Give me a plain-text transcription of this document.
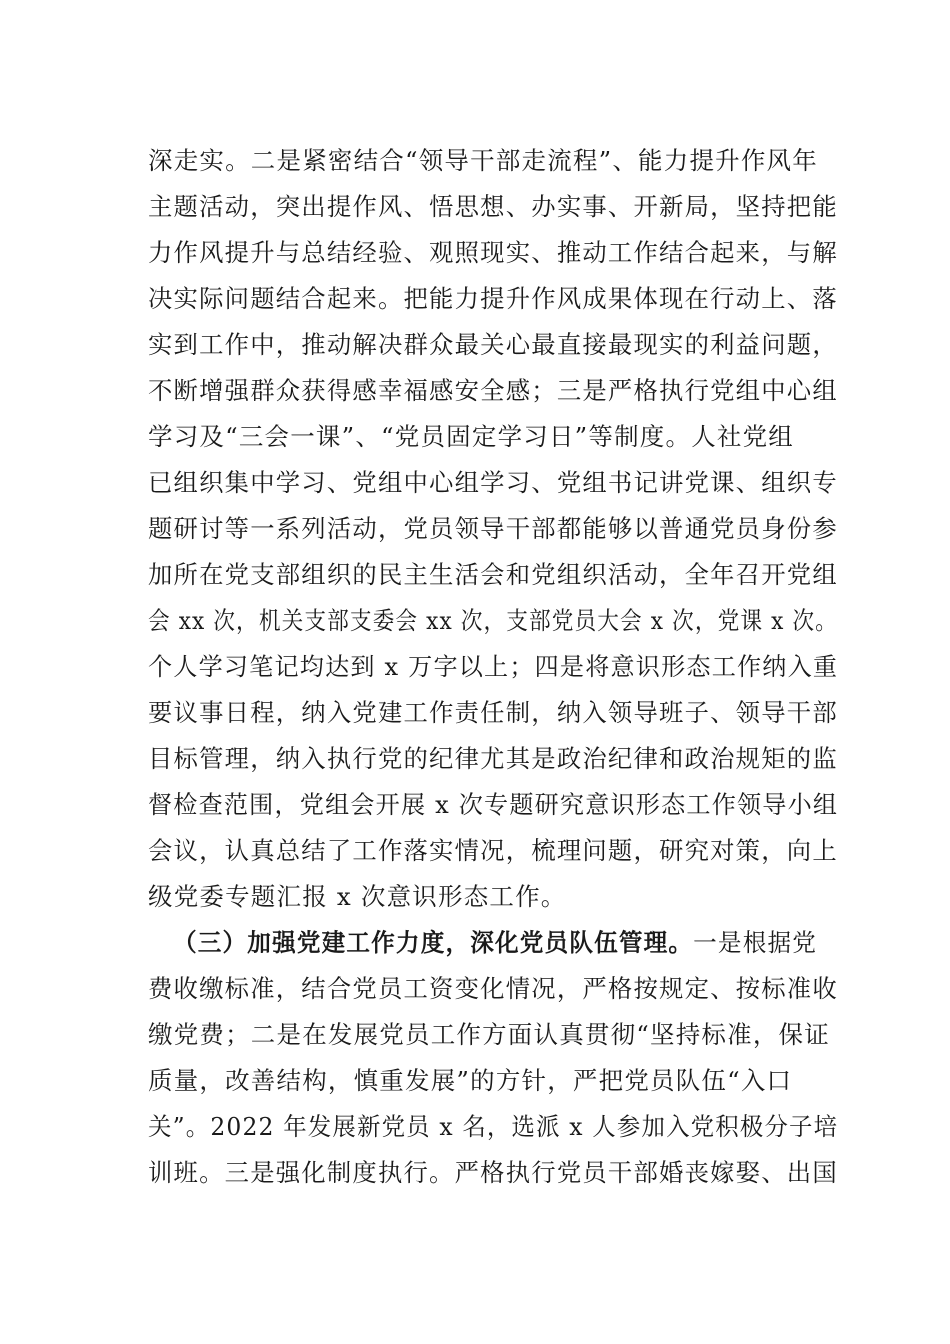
深走实。二是紧密结合“领导干部走流程”、能力提升作风年
主题活动，突出提作风、悟思想、办实事、开新局，坚持把能
力作风提升与总结经验、观照现实、推动工作结合起来，与解
决实际问题结合起来。把能力提升作风成果体现在行动上、落
实到工作中，推动解决群众最关心最直接最现实的利益问题，
不断增强群众获得感幸福感安全感；三是严格执行党组中心组
学习及“三会一课”、“党员固定学习日”等制度。人社党组
已组织集中学习、党组中心组学习、党组书记讲党课、组织专
题研讨等一系列活动，党员领导干部都能够以普通党员身份参
加所在党支部组织的民主生活会和党组织活动，全年召开党组
会 xx 次，机关支部支委会 xx 次，支部党员大会 x 次，党课 x 次。
个人学习笔记均达到 x 万字以上；四是将意识形态工作纳入重
要议事日程，纳入党建工作责任制，纳入领导班子、领导干部
目标管理，纳入执行党的纪律尤其是政治纪律和政治规矩的监
督检查范围，党组会开展 x 次专题研究意识形态工作领导小组
会议，认真总结了工作落实情况，梳理问题，研究对策，向上
级党委专题汇报 x 次意识形态工作。
（三）加强党建工作力度，深化党员队伍管理。一是根据党
费收缴标准，结合党员工资变化情况，严格按规定、按标准收
缴党费；二是在发展党员工作方面认真贯彻“坚持标准，保证
质量，改善结构，慎重发展”的方针，严把党员队伍“入口
关”。2022 年发展新党员 x 名，选派 x 人参加入党积极分子培
训班。三是强化制度执行。严格执行党员干部婚丧嫁娶、出国
